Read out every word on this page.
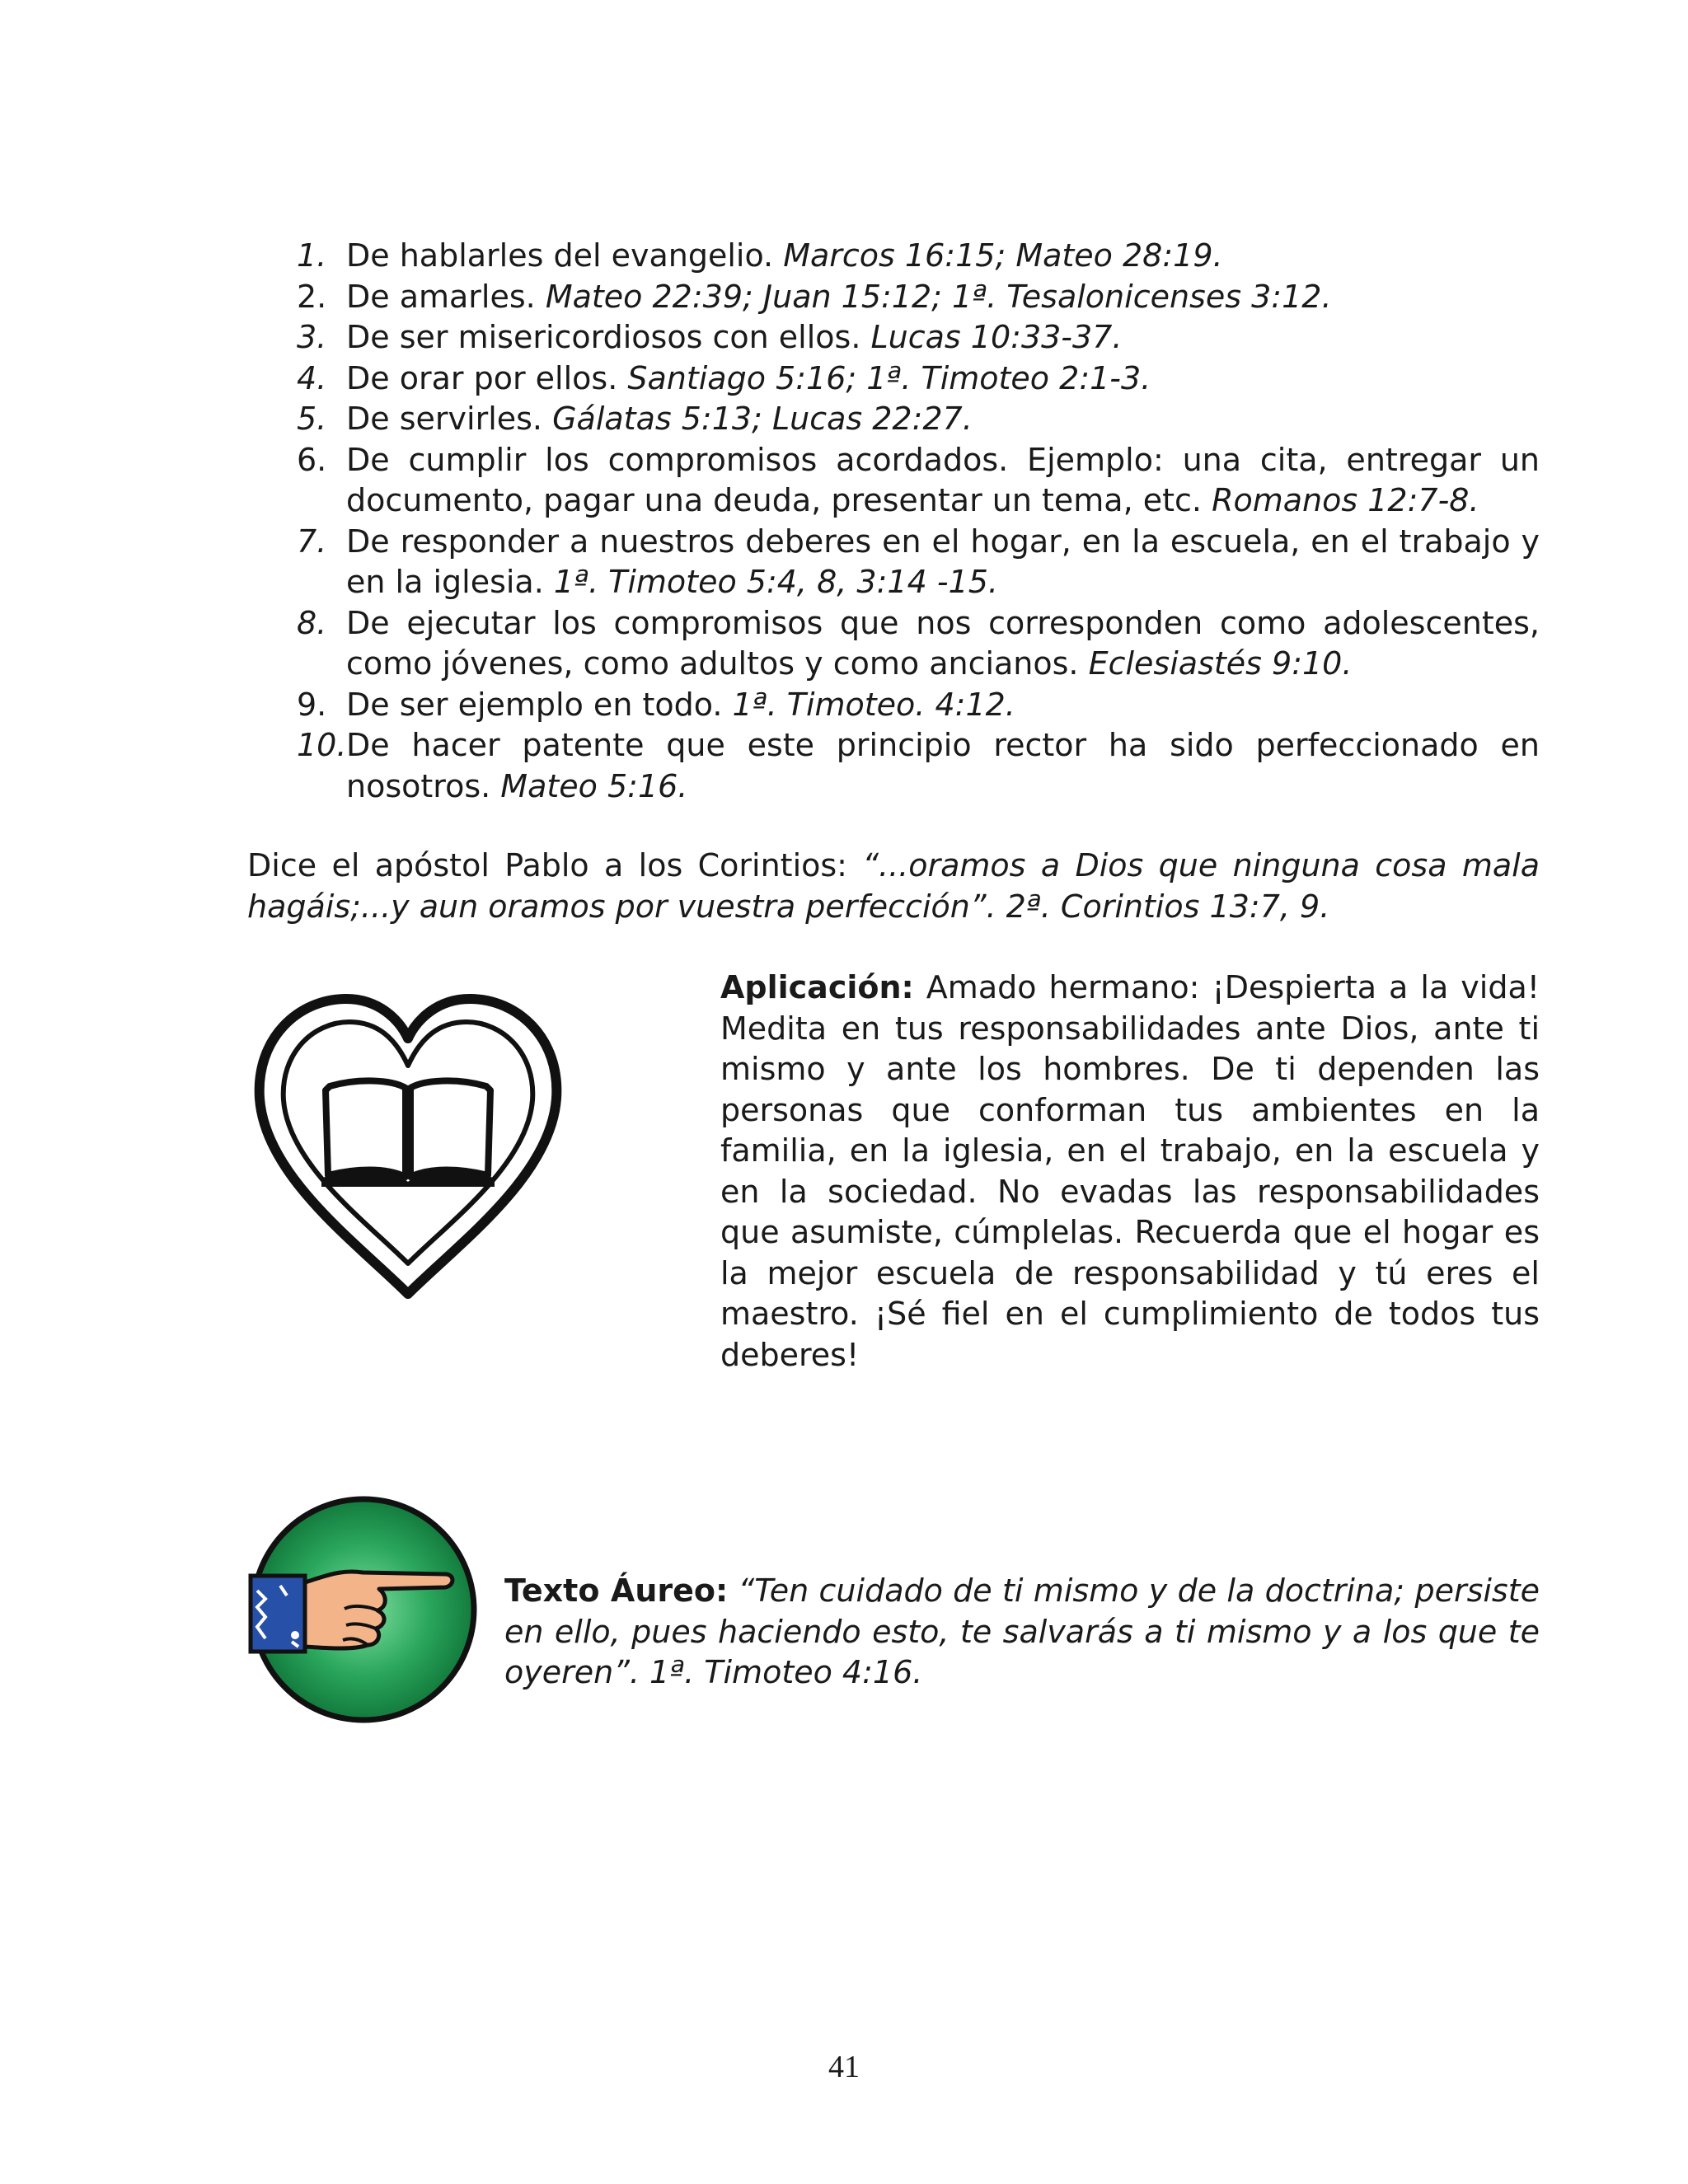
1. De hablarles del evangelio. Marcos 16:15; Mateo 28:19.
2. De amarles. Mateo 22:39; Juan 15:12; 1ª. Tesalonicenses 3:12.
3. De ser misericordiosos con ellos. Lucas 10:33-37.
4. De orar por ellos. Santiago 5:16; 1ª. Timoteo 2:1-3.
5. De servirles. Gálatas 5:13; Lucas 22:27.
6. De cumplir los compromisos acordados. Ejemplo: una cita, entregar un documento, pagar una deuda, presentar un tema, etc. Romanos 12:7-8.
7. De responder a nuestros deberes en el hogar, en la escuela, en el trabajo y en la iglesia. 1ª. Timoteo 5:4, 8, 3:14 -15.
8. De ejecutar los compromisos que nos corresponden como adolescentes, como jóvenes, como adultos y como ancianos. Eclesiastés 9:10.
9. De ser ejemplo en todo. 1ª. Timoteo. 4:12.
10. De hacer patente que este principio rector ha sido perfeccionado en nosotros. Mateo 5:16.
Dice el apóstol Pablo a los Corintios: “...oramos a Dios que ninguna cosa mala hagáis;...y aun oramos por vuestra perfección”. 2ª. Corintios 13:7, 9.
Aplicación: Amado hermano: ¡Despierta a la vida! Medita en tus responsabilidades ante Dios, ante ti mismo y ante los hombres. De ti dependen las personas que conforman tus ambientes en la familia, en la iglesia, en el trabajo, en la escuela y en la sociedad. No evadas las responsabilidades que asumiste, cúmplelas. Recuerda que el hogar es la mejor escuela de responsabilidad y tú eres el maestro. ¡Sé fiel en el cumplimiento de todos tus deberes!
Texto Áureo: “Ten cuidado de ti mismo y de la doctrina; persiste en ello, pues haciendo esto, te salvarás a ti mismo y a los que te oyeren”. 1ª. Timoteo 4:16.
41
